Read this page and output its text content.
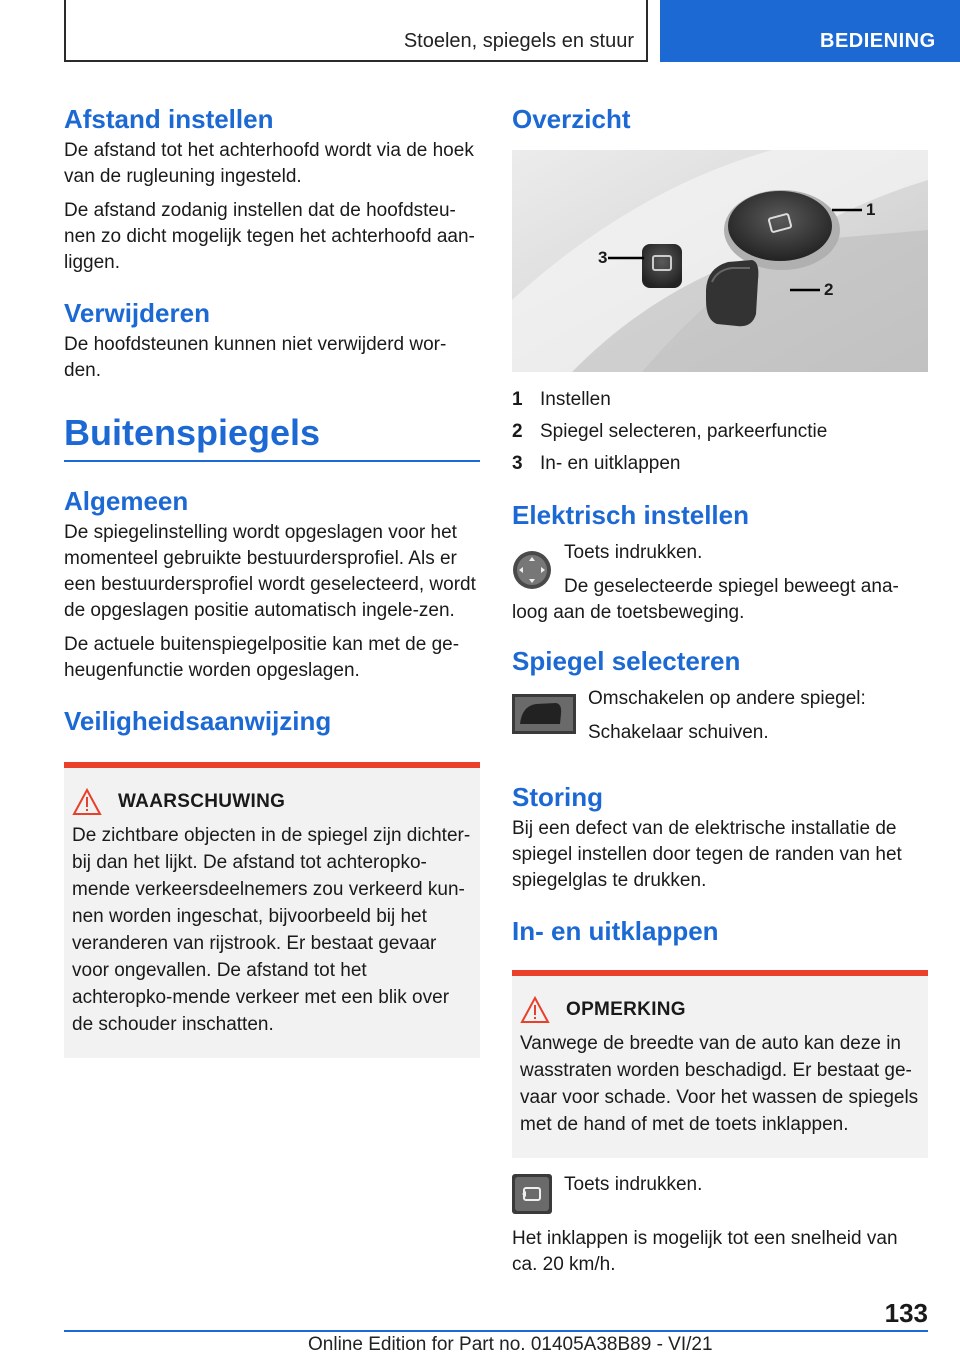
Stoelen, spiegels en stuur	BEDIENING
Afstand instellen

De afstand tot het achterhoofd wordt via de hoek van de rugleuning ingesteld.

De afstand zodanig instellen dat de hoofdsteu-nen zo dicht mogelijk tegen het achterhoofd aan-liggen.

Verwijderen

De hoofdsteunen kunnen niet verwijderd wor-den.

Buitenspiegels
Algemeen

De spiegelinstelling wordt opgeslagen voor het momenteel gebruikte bestuurdersprofiel. Als er een bestuurdersprofiel wordt geselecteerd, wordt de opgeslagen positie automatisch ingele-zen.

De actuele buitenspiegelpositie kan met de ge-heugenfunctie worden opgeslagen.

Veiligheidsaanwijzing
WAARSCHUWING

De zichtbare objecten in de spiegel zijn dichter-bij dan het lijkt. De afstand tot achteropko-mende verkeersdeelnemers zou verkeerd kun-nen worden ingeschat, bijvoorbeeld bij het veranderen van rijstrook. Er bestaat gevaar voor ongevallen. De afstand tot het achteropko-mende verkeer met een blik over de schouder inschatten.

Overzicht
1
2
3
1 Instellen
2 Spiegel selecteren, parkeerfunctie
3 In- en uitklappen
Elektrisch instellen

Toets indrukken.

De geselecteerde spiegel beweegt ana-loog aan de toetsbeweging.

Spiegel selecteren

Omschakelen op andere spiegel:

Schakelaar schuiven.

Storing

Bij een defect van de elektrische installatie de spiegel instellen door tegen de randen van het spiegelglas te drukken.

In- en uitklappen
OPMERKING

Vanwege de breedte van de auto kan deze in wasstraten worden beschadigd. Er bestaat ge-vaar voor schade. Voor het wassen de spiegels met de hand of met de toets inklappen.

Toets indrukken.

Het inklappen is mogelijk tot een snelheid van ca. 20 km/h.

133
Online Edition for Part no. 01405A38B89 - VI/21
